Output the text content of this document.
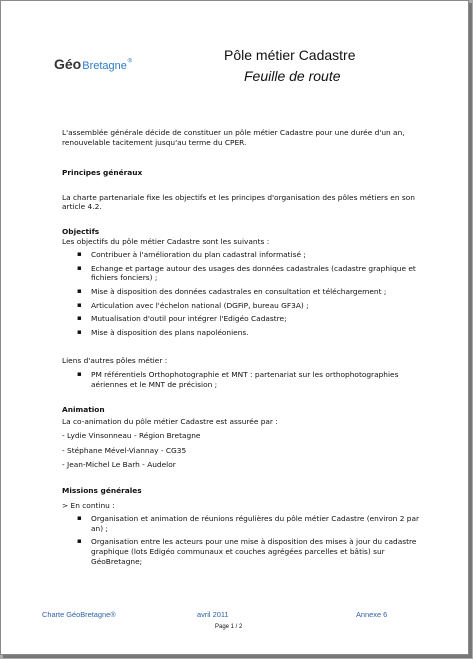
GéoBretagne®	Pôle métier Cadastre
Feuille de route

L'assemblée générale décide de constituer un pôle métier Cadastre pour une durée d'un an, renouvelable tacitement jusqu'au terme du CPER.

Principes généraux

La charte partenariale fixe les objectifs et les principes d'organisation des pôles métiers en son article 4.2.

Objectifs

Les objectifs du pôle métier Cadastre sont les suivants :

▪ Contribuer à l'amélioration du plan cadastral informatisé ;
▪ Echange et partage autour des usages des données cadastrales (cadastre graphique et fichiers fonciers) ;
▪ Mise à disposition des données cadastrales en consultation et téléchargement ;
▪ Articulation avec l'échelon national (DGFiP, bureau GF3A) ;
▪ Mutualisation d'outil pour intégrer l'Edigéo Cadastre;
▪ Mise à disposition des plans napoléoniens.

Liens d'autres pôles métier :

▪ PM référentiels Orthophotographie et MNT : partenariat sur les orthophotographies aériennes et le MNT de précision ;

Animation

La co-animation du pôle métier Cadastre est assurée par :

- Lydie Vinsonneau - Région Bretagne

- Stéphane Mével-Viannay - CG35

- Jean-Michel Le Barh - Audelor

Missions générales

> En continu :

▪ Organisation et animation de réunions régulières du pôle métier Cadastre (environ 2 par an) ;
▪ Organisation entre les acteurs pour une mise à disposition des mises à jour du cadastre graphique (lots Edigéo communaux et couches agrégées parcelles et bâtis) sur GéoBretagne;
Charte GéoBretagne®	avril 2011	Annexe 6
Page 1 / 2
